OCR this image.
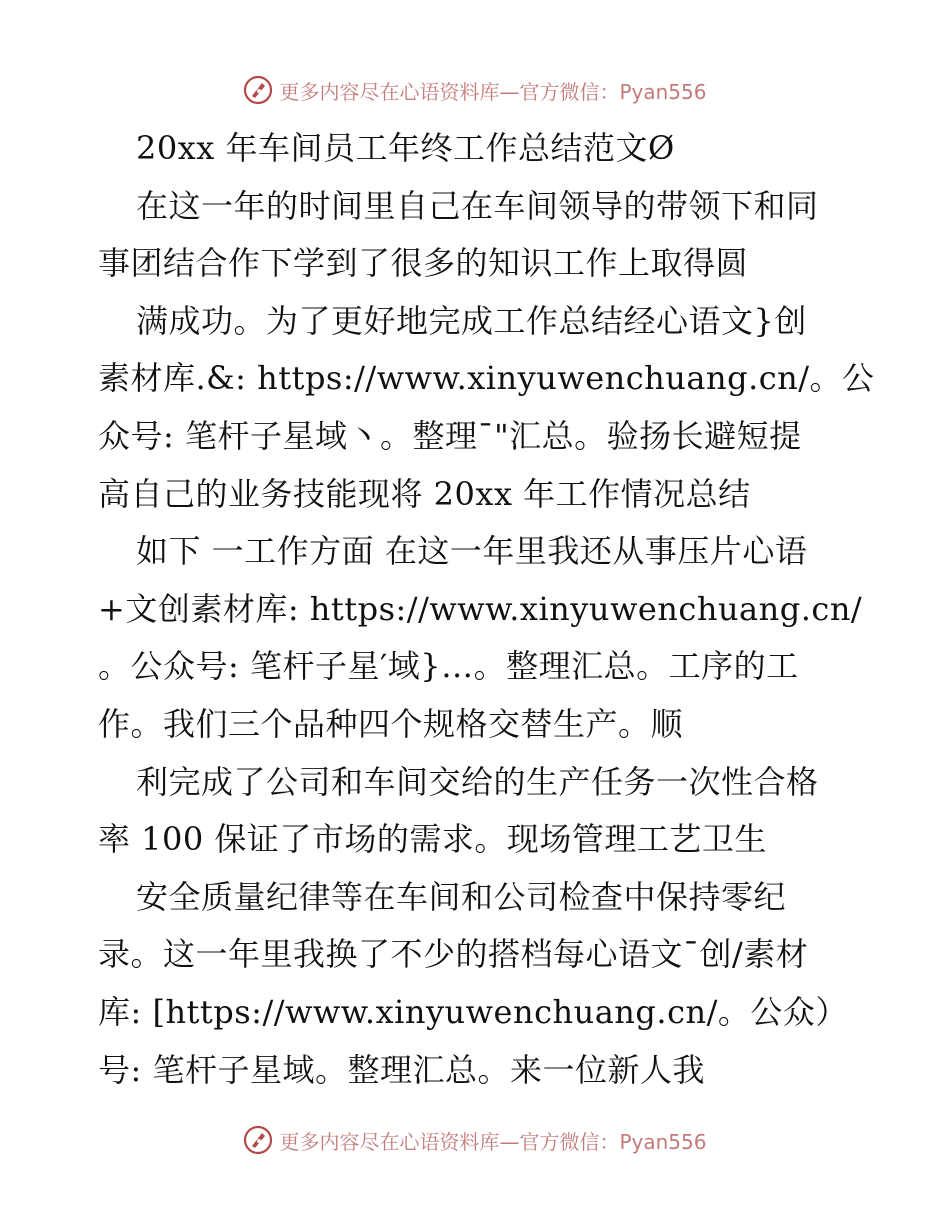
更多内容尽在心语资料库—官方微信：Pyan556
20xx 年车间员工年终工作总结范文Ø
在这一年的时间里自己在车间领导的带领下和同
事团结合作下学到了很多的知识工作上取得圆
满成功。为了更好地完成工作总结经心语文}创
素材库.&: https://www.xinyuwenchuang.cn/。公
众号: 笔杆子星域丶。整理¯"汇总。验扬长避短提
高自己的业务技能现将 20xx 年工作情况总结
如下 一工作方面 在这一年里我还从事压片心语
+文创素材库: https://www.xinyuwenchuang.cn/
。公众号: 笔杆子星′域}…。整理汇总。工序的工
作。我们三个品种四个规格交替生产。顺
利完成了公司和车间交给的生产任务一次性合格
率 100 保证了市场的需求。现场管理工艺卫生
安全质量纪律等在车间和公司检查中保持零纪
录。这一年里我换了不少的搭档每心语文¯创/素材
库: [https://www.xinyuwenchuang.cn/。公众）
号: 笔杆子星域。整理汇总。来一位新人我
更多内容尽在心语资料库—官方微信：Pyan556
